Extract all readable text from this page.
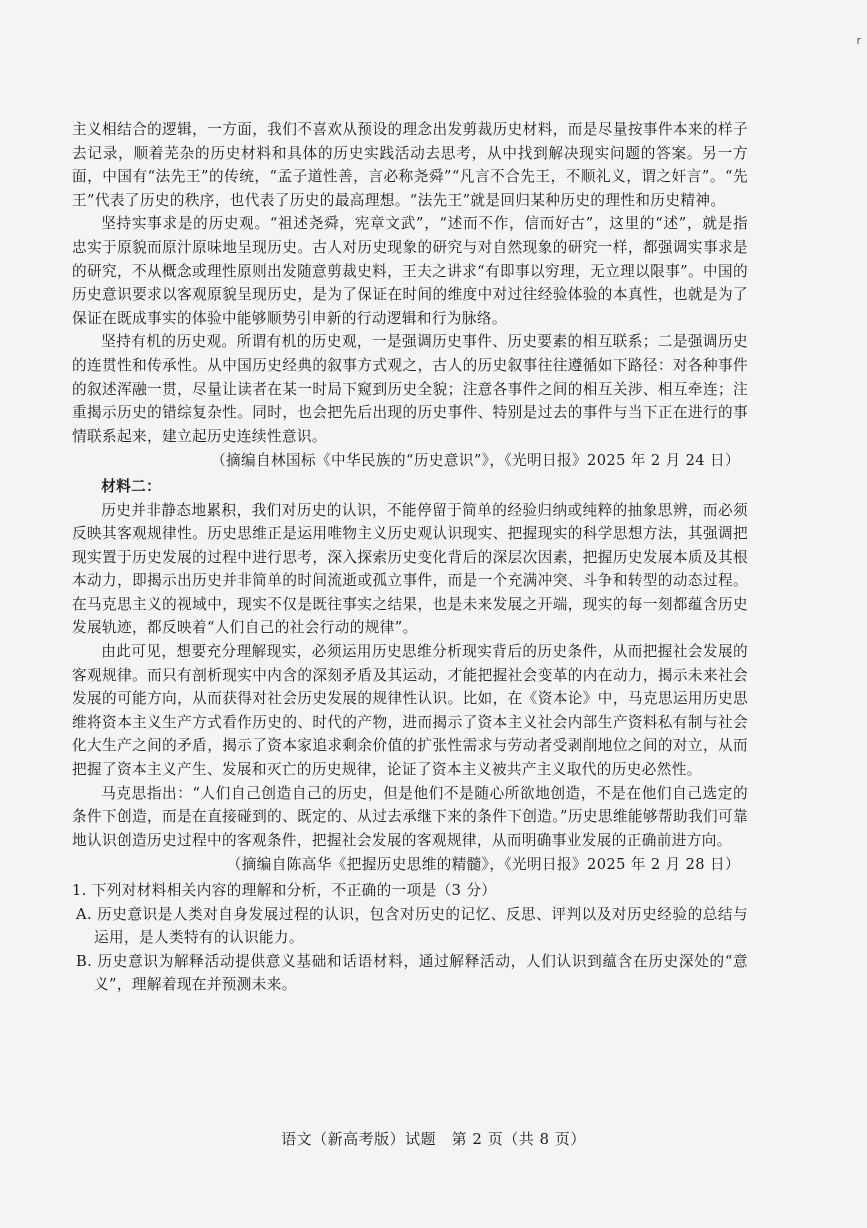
r

主义相结合的逻辑，一方面，我们不喜欢从预设的理念出发剪裁历史材料，而是尽量按事件本来的样子去记录，顺着芜杂的历史材料和具体的历史实践活动去思考，从中找到解决现实问题的答案。另一方面，中国有“法先王”的传统，“孟子道性善，言必称尧舜”“凡言不合先王，不顺礼义，谓之奸言”。“先王”代表了历史的秩序，也代表了历史的最高理想。“法先王”就是回归某种历史的理性和历史精神。

坚持实事求是的历史观。“祖述尧舜，宪章文武”，“述而不作，信而好古”，这里的“述”，就是指忠实于原貌而原汁原味地呈现历史。古人对历史现象的研究与对自然现象的研究一样，都强调实事求是的研究，不从概念或理性原则出发随意剪裁史料，王夫之讲求“有即事以穷理，无立理以限事”。中国的历史意识要求以客观原貌呈现历史，是为了保证在时间的维度中对过往经验体验的本真性，也就是为了保证在既成事实的体验中能够顺势引申新的行动逻辑和行为脉络。

坚持有机的历史观。所谓有机的历史观，一是强调历史事件、历史要素的相互联系；二是强调历史的连贯性和传承性。从中国历史经典的叙事方式观之，古人的历史叙事往往遵循如下路径：对各种事件的叙述浑融一贯，尽量让读者在某一时局下窥到历史全貌；注意各事件之间的相互关涉、相互牵连；注重揭示历史的错综复杂性。同时，也会把先后出现的历史事件、特别是过去的事件与当下正在进行的事情联系起来，建立起历史连续性意识。

（摘编自林国标《中华民族的“历史意识”》，《光明日报》2025 年 2 月 24 日）

材料二：

历史并非静态地累积，我们对历史的认识，不能停留于简单的经验归纳或纯粹的抽象思辨，而必须反映其客观规律性。历史思维正是运用唯物主义历史观认识现实、把握现实的科学思想方法，其强调把现实置于历史发展的过程中进行思考，深入探索历史变化背后的深层次因素，把握历史发展本质及其根本动力，即揭示出历史并非简单的时间流逝或孤立事件，而是一个充满冲突、斗争和转型的动态过程。在马克思主义的视域中，现实不仅是既往事实之结果，也是未来发展之开端，现实的每一刻都蕴含历史发展轨迹，都反映着“人们自己的社会行动的规律”。

由此可见，想要充分理解现实，必须运用历史思维分析现实背后的历史条件，从而把握社会发展的客观规律。而只有剖析现实中内含的深刻矛盾及其运动，才能把握社会变革的内在动力，揭示未来社会发展的可能方向，从而获得对社会历史发展的规律性认识。比如，在《资本论》中，马克思运用历史思维将资本主义生产方式看作历史的、时代的产物，进而揭示了资本主义社会内部生产资料私有制与社会化大生产之间的矛盾，揭示了资本家追求剩余价值的扩张性需求与劳动者受剥削地位之间的对立，从而把握了资本主义产生、发展和灭亡的历史规律，论证了资本主义被共产主义取代的历史必然性。

马克思指出：“人们自己创造自己的历史，但是他们不是随心所欲地创造，不是在他们自己选定的条件下创造，而是在直接碰到的、既定的、从过去承继下来的条件下创造。”历史思维能够帮助我们可靠地认识创造历史过程中的客观条件，把握社会发展的客观规律，从而明确事业发展的正确前进方向。

（摘编自陈高华《把握历史思维的精髓》，《光明日报》2025 年 2 月 28 日）

1. 下列对材料相关内容的理解和分析，不正确的一项是（3 分）

A. 历史意识是人类对自身发展过程的认识，包含对历史的记忆、反思、评判以及对历史经验的总结与运用，是人类特有的认识能力。

B. 历史意识为解释活动提供意义基础和话语材料，通过解释活动，人们认识到蕴含在历史深处的“意义”，理解着现在并预测未来。

语文（新高考版）试题　第 2 页（共 8 页）
